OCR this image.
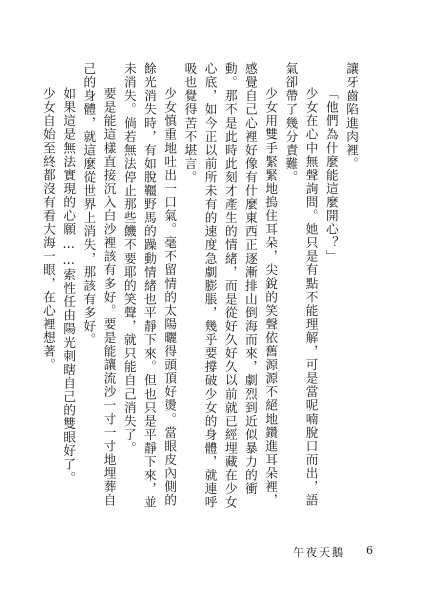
讓牙齒陷進肉裡。

「他們為什麼能這麼開心？」

少女在心中無聲詢問。她只是有點不能理解，可是當呢喃脫口而出，語氣卻帶了幾分責難。

少女用雙手緊緊地摀住耳朵，尖銳的笑聲依舊源源不絕地鑽進耳朵裡，感覺自己心裡好像有什麼東西正逐漸排山倒海而來，劇烈到近似暴力的衝動。那不是此時此刻才產生的情緒，而是從好久好久以前就已經埋藏在少女心底，如今正以前所未有的速度急劇膨脹，幾乎要撐破少女的身體，就連呼吸也覺得苦不堪言。

少女慎重地吐出一口氣。毫不留情的太陽曬得頭頂好燙。當眼皮內側的餘光消失時，有如脫韁野馬的躁動情緒也平靜下來。但也只是平靜下來，並未消失。倘若無法停止那些饑不要耶的笑聲，就只能自己消失了。

要是能這樣直接沉入白沙裡該有多好。要是能讓流沙一寸一寸地埋葬自己的身體，就這麼從世界上消失，那該有多好。

如果這是無法實現的心願……索性任由陽光刺瞎自己的雙眼好了。

少女自始至終都沒有看大海一眼，在心裡想著。

午夜天鵝 6
